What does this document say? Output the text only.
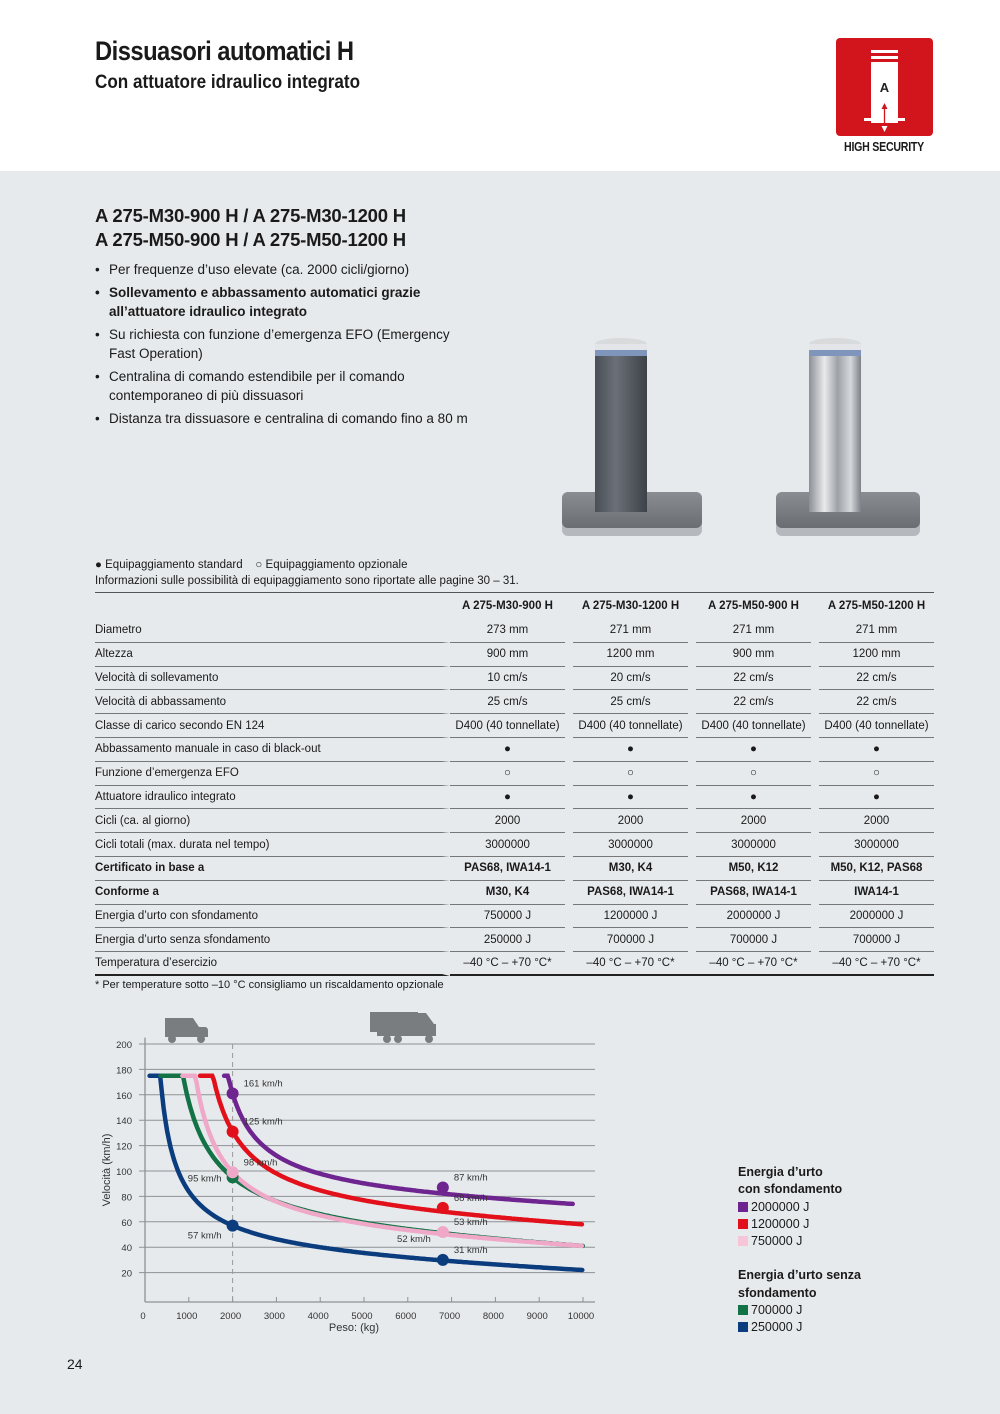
Dissuasori automatici H
Con attuatore idraulico integrato	A
HIGH SECURITY
A 275-M30-900 H / A 275-M30-1200 H
A 275-M50-900 H / A 275-M50-1200 H
• Per frequenze d’uso elevate (ca. 2000 cicli/giorno)
• Sollevamento e abbassamento automatici grazie all’attuatore idraulico integrato
• Su richiesta con funzione d’emergenza EFO (Emergency Fast Operation)
• Centralina di comando estendibile per il comando contemporaneo di più dissuasori
• Distanza tra dissuasore e centralina di comando fino a 80 m
● Equipaggiamento standard ○ Equipaggiamento opzionale
Informazioni sulle possibilità di equipaggiamento sono riportate alle pagine 30 – 31.
	A 275-M30-900 H		A 275-M30-1200 H		A 275-M50-900 H		A 275-M50-1200 H
Diametro	273 mm		271 mm		271 mm		271 mm
Altezza	900 mm		1200 mm		900 mm		1200 mm
Velocità di sollevamento	10 cm/s		20 cm/s		22 cm/s		22 cm/s
Velocità di abbassamento	25 cm/s		25 cm/s		22 cm/s		22 cm/s
Classe di carico secondo EN 124	D400 (40 tonnellate)		D400 (40 tonnellate)		D400 (40 tonnellate)		D400 (40 tonnellate)
Abbassamento manuale in caso di black-out	●		●		●		●
Funzione d’emergenza EFO	○		○		○		○
Attuatore idraulico integrato	●		●		●		●
Cicli (ca. al giorno)	2000		2000		2000		2000
Cicli totali (max. durata nel tempo)	3000000		3000000		3000000		3000000
Certificato in base a	PAS68, IWA14-1		M30, K4		M50, K12		M50, K12, PAS68
Conforme a	M30, K4		PAS68, IWA14-1		PAS68, IWA14-1		IWA14-1
Energia d’urto con sfondamento	750000 J		1200000 J		2000000 J		2000000 J
Energia d’urto senza sfondamento	250000 J		700000 J		700000 J		700000 J
Temperatura d’esercizio	–40 °C – +70 °C*		–40 °C – +70 °C*		–40 °C – +70 °C*		–40 °C – +70 °C*
* Per temperature sotto –10 °C consigliamo un riscaldamento opzionale
20
40
60
80
100
120
140
160
180
200
0	1000 2000 3000 4000 5000 6000 7000 8000 9000 10000
57 km/h
31 km/h
52 km/h
95 km/h
98 km/h
53 km/h
125 km/h
68 km/h
161 km/h
87 km/h
Velocità (km/h)
Peso: (kg)
Energia d’urto
con sfondamento
2000000 J
1200000 J
750000 J
Energia d’urto senza
sfondamento
700000 J
250000 J
24
